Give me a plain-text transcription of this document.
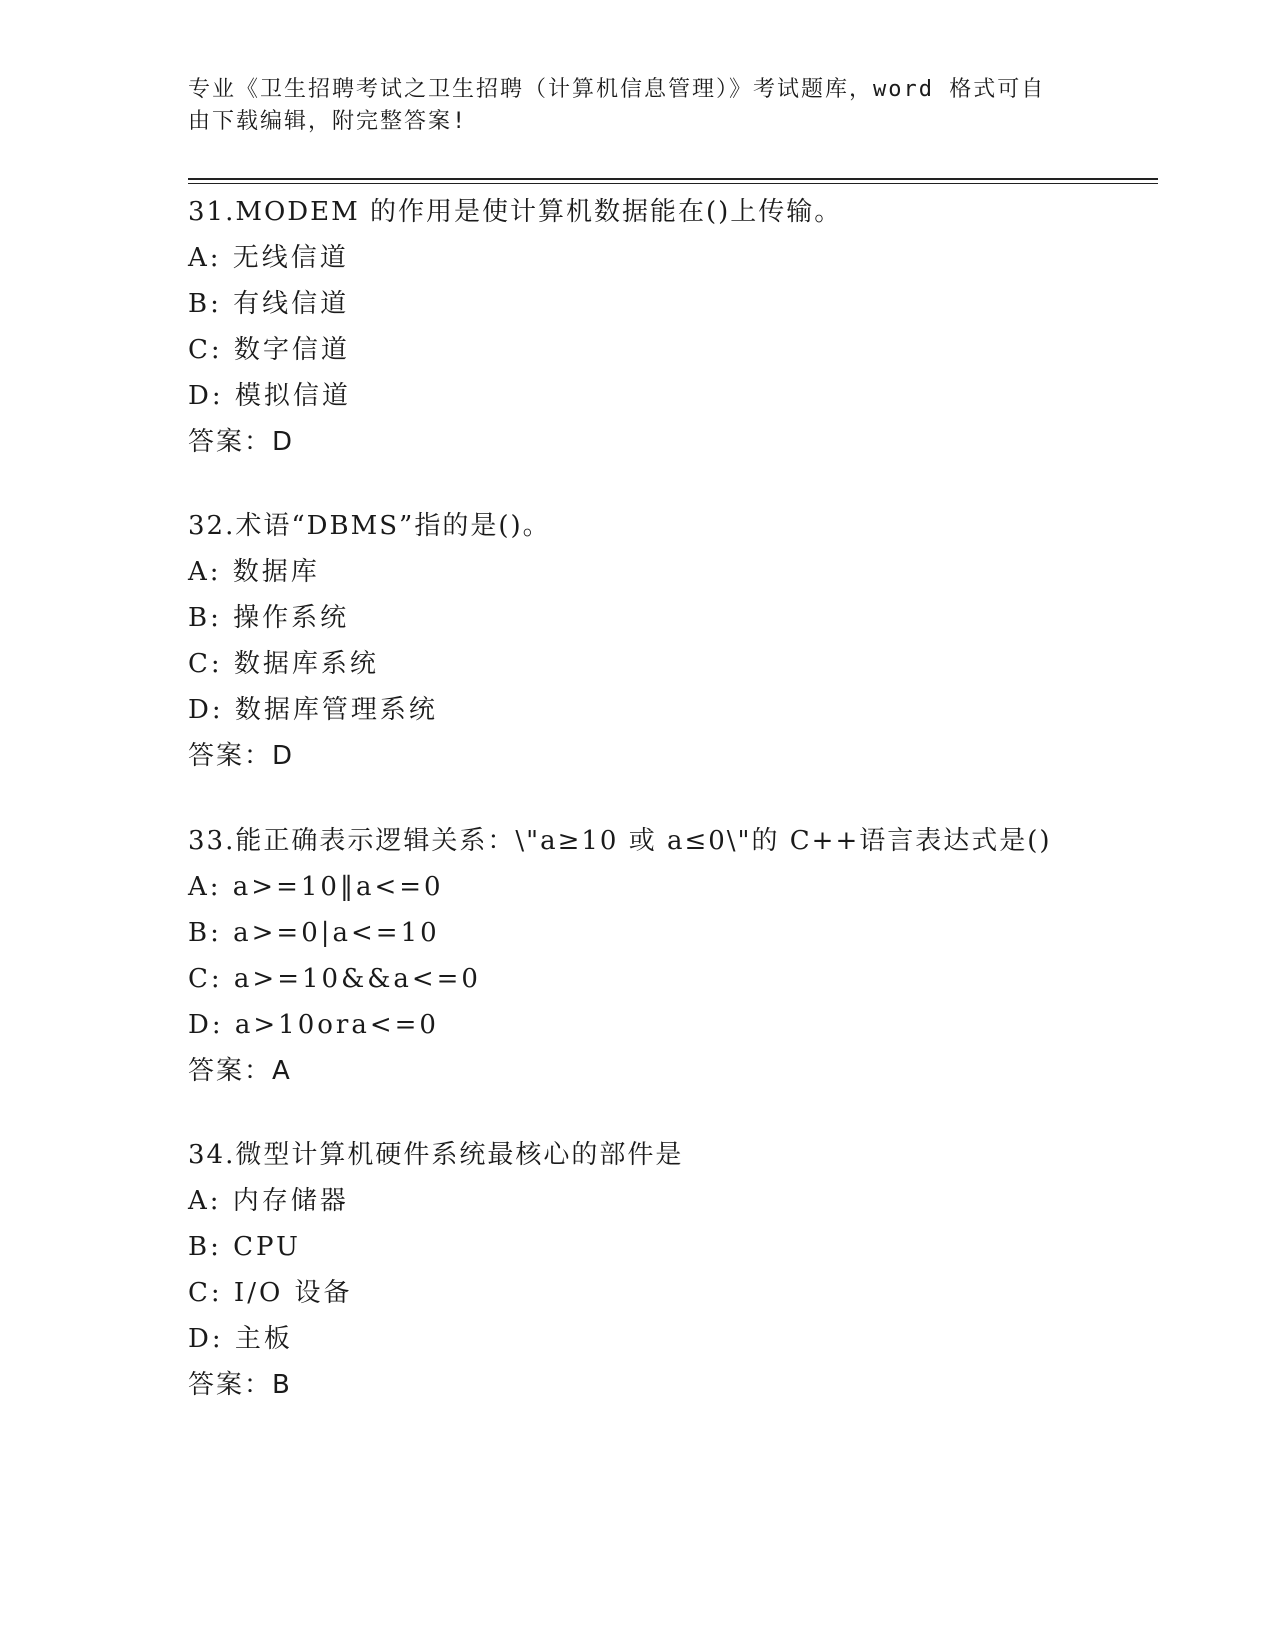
专业《卫生招聘考试之卫生招聘（计算机信息管理）》考试题库，word 格式可自
由下载编辑，附完整答案!
31.MODEM 的作用是使计算机数据能在()上传输。
A: 无线信道
B: 有线信道
C: 数字信道
D: 模拟信道
答案：D
32.术语“DBMS”指的是()。
A: 数据库
B: 操作系统
C: 数据库系统
D: 数据库管理系统
答案：D
33.能正确表示逻辑关系：\"a≥10 或 a≤0\"的 C++语言表达式是()
A: a>=10‖a<=0
B: a>=0|a<=10
C: a>=10&&a<=0
D: a>10ora<=0
答案：A
34.微型计算机硬件系统最核心的部件是
A: 内存储器
B: CPU
C: I/O 设备
D: 主板
答案：B
